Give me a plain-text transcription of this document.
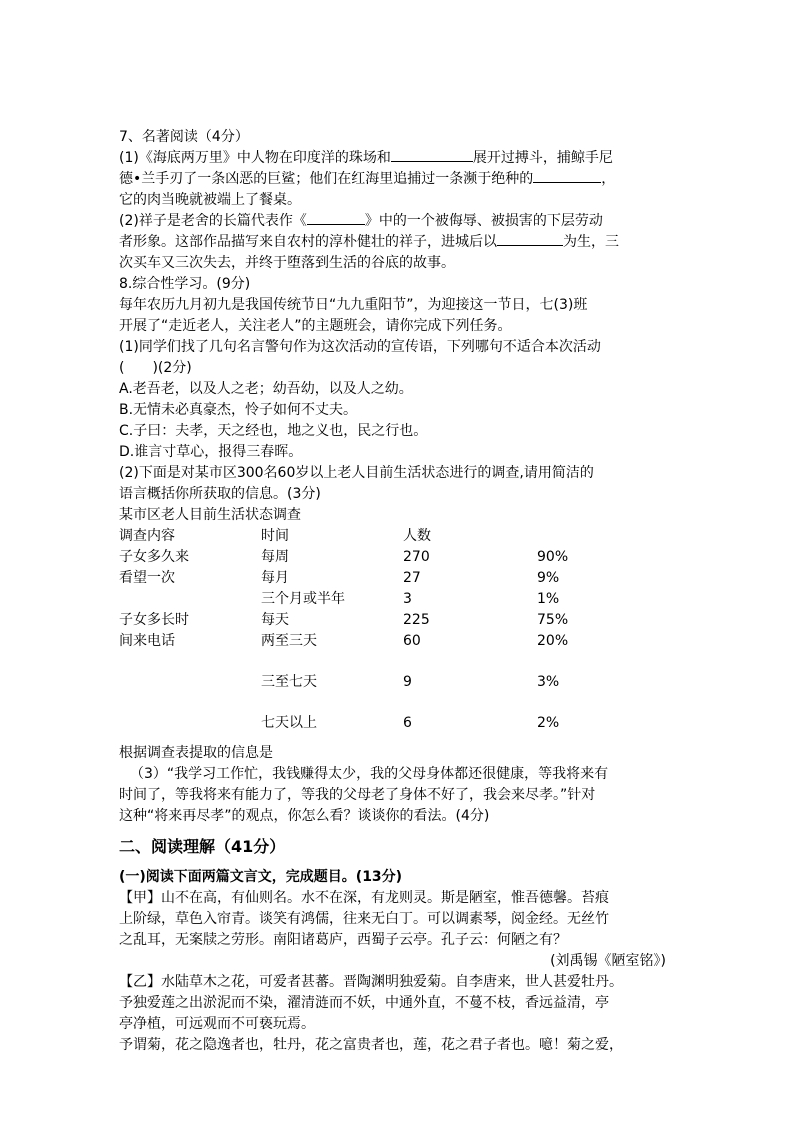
7、名著阅读（4分）
(1)《海底两万里》中人物在印度洋的珠场和	展开过搏斗，捕鲸手尼
德•兰手刃了一条凶恶的巨鲨；他们在红海里追捕过一条濒于绝种的	，
它的肉当晚就被端上了餐桌。
(2)祥子是老舍的长篇代表作《	》中的一个被侮辱、被损害的下层劳动
者形象。这部作品描写来自农村的淳朴健壮的祥子，进城后以	为生，三
次买车又三次失去，并终于堕落到生活的谷底的故事。
8.综合性学习。(9分)
每年农历九月初九是我国传统节日“九九重阳节”，为迎接这一节日，七(3)班
开展了“走近老人，关注老人”的主题班会，请你完成下列任务。
(1)同学们找了几句名言警句作为这次活动的宣传语，下列哪句不适合本次活动
(　　)(2分)
A.老吾老，以及人之老；幼吾幼，以及人之幼。
B.无情未必真豪杰，怜子如何不丈夫。
C.子曰：夫孝，天之经也，地之义也，民之行也。
D.谁言寸草心，报得三春晖。
(2)下面是对某市区300名60岁以上老人目前生活状态进行的调查,请用简洁的
语言概括你所获取的信息。(3分)
某市区老人目前生活状态调查
调查内容	时间	人数	
子女多久来	每周	270	90%
看望一次	每月	27	9%
	三个月或半年	3	1%
子女多长时	每天	225	75%
间来电话	两至三天	60	20%
	三至七天	9	3%
	七天以上	6	2%
根据调查表提取的信息是
（3）“我学习工作忙，我钱赚得太少，我的父母身体都还很健康，等我将来有
时间了，等我将来有能力了，等我的父母老了身体不好了，我会来尽孝。”针对
这种“将来再尽孝”的观点，你怎么看？谈谈你的看法。(4分)
二、阅读理解（41分）
(一)阅读下面两篇文言文，完成题目。(13分)
【甲】山不在高，有仙则名。水不在深，有龙则灵。斯是陋室，惟吾德馨。苔痕
上阶绿，草色入帘青。谈笑有鸿儒，往来无白丁。可以调素琴，阅金经。无丝竹
之乱耳，无案牍之劳形。南阳诸葛庐，西蜀子云亭。孔子云：何陋之有？
(刘禹锡《陋室铭》)
【乙】水陆草木之花，可爱者甚蕃。晋陶渊明独爱菊。自李唐来，世人甚爱牡丹。
予独爱莲之出淤泥而不染，濯清涟而不妖，中通外直，不蔓不枝，香远益清，亭
亭净植，可远观而不可亵玩焉。
予谓菊，花之隐逸者也，牡丹，花之富贵者也，莲，花之君子者也。噫！菊之爱，
